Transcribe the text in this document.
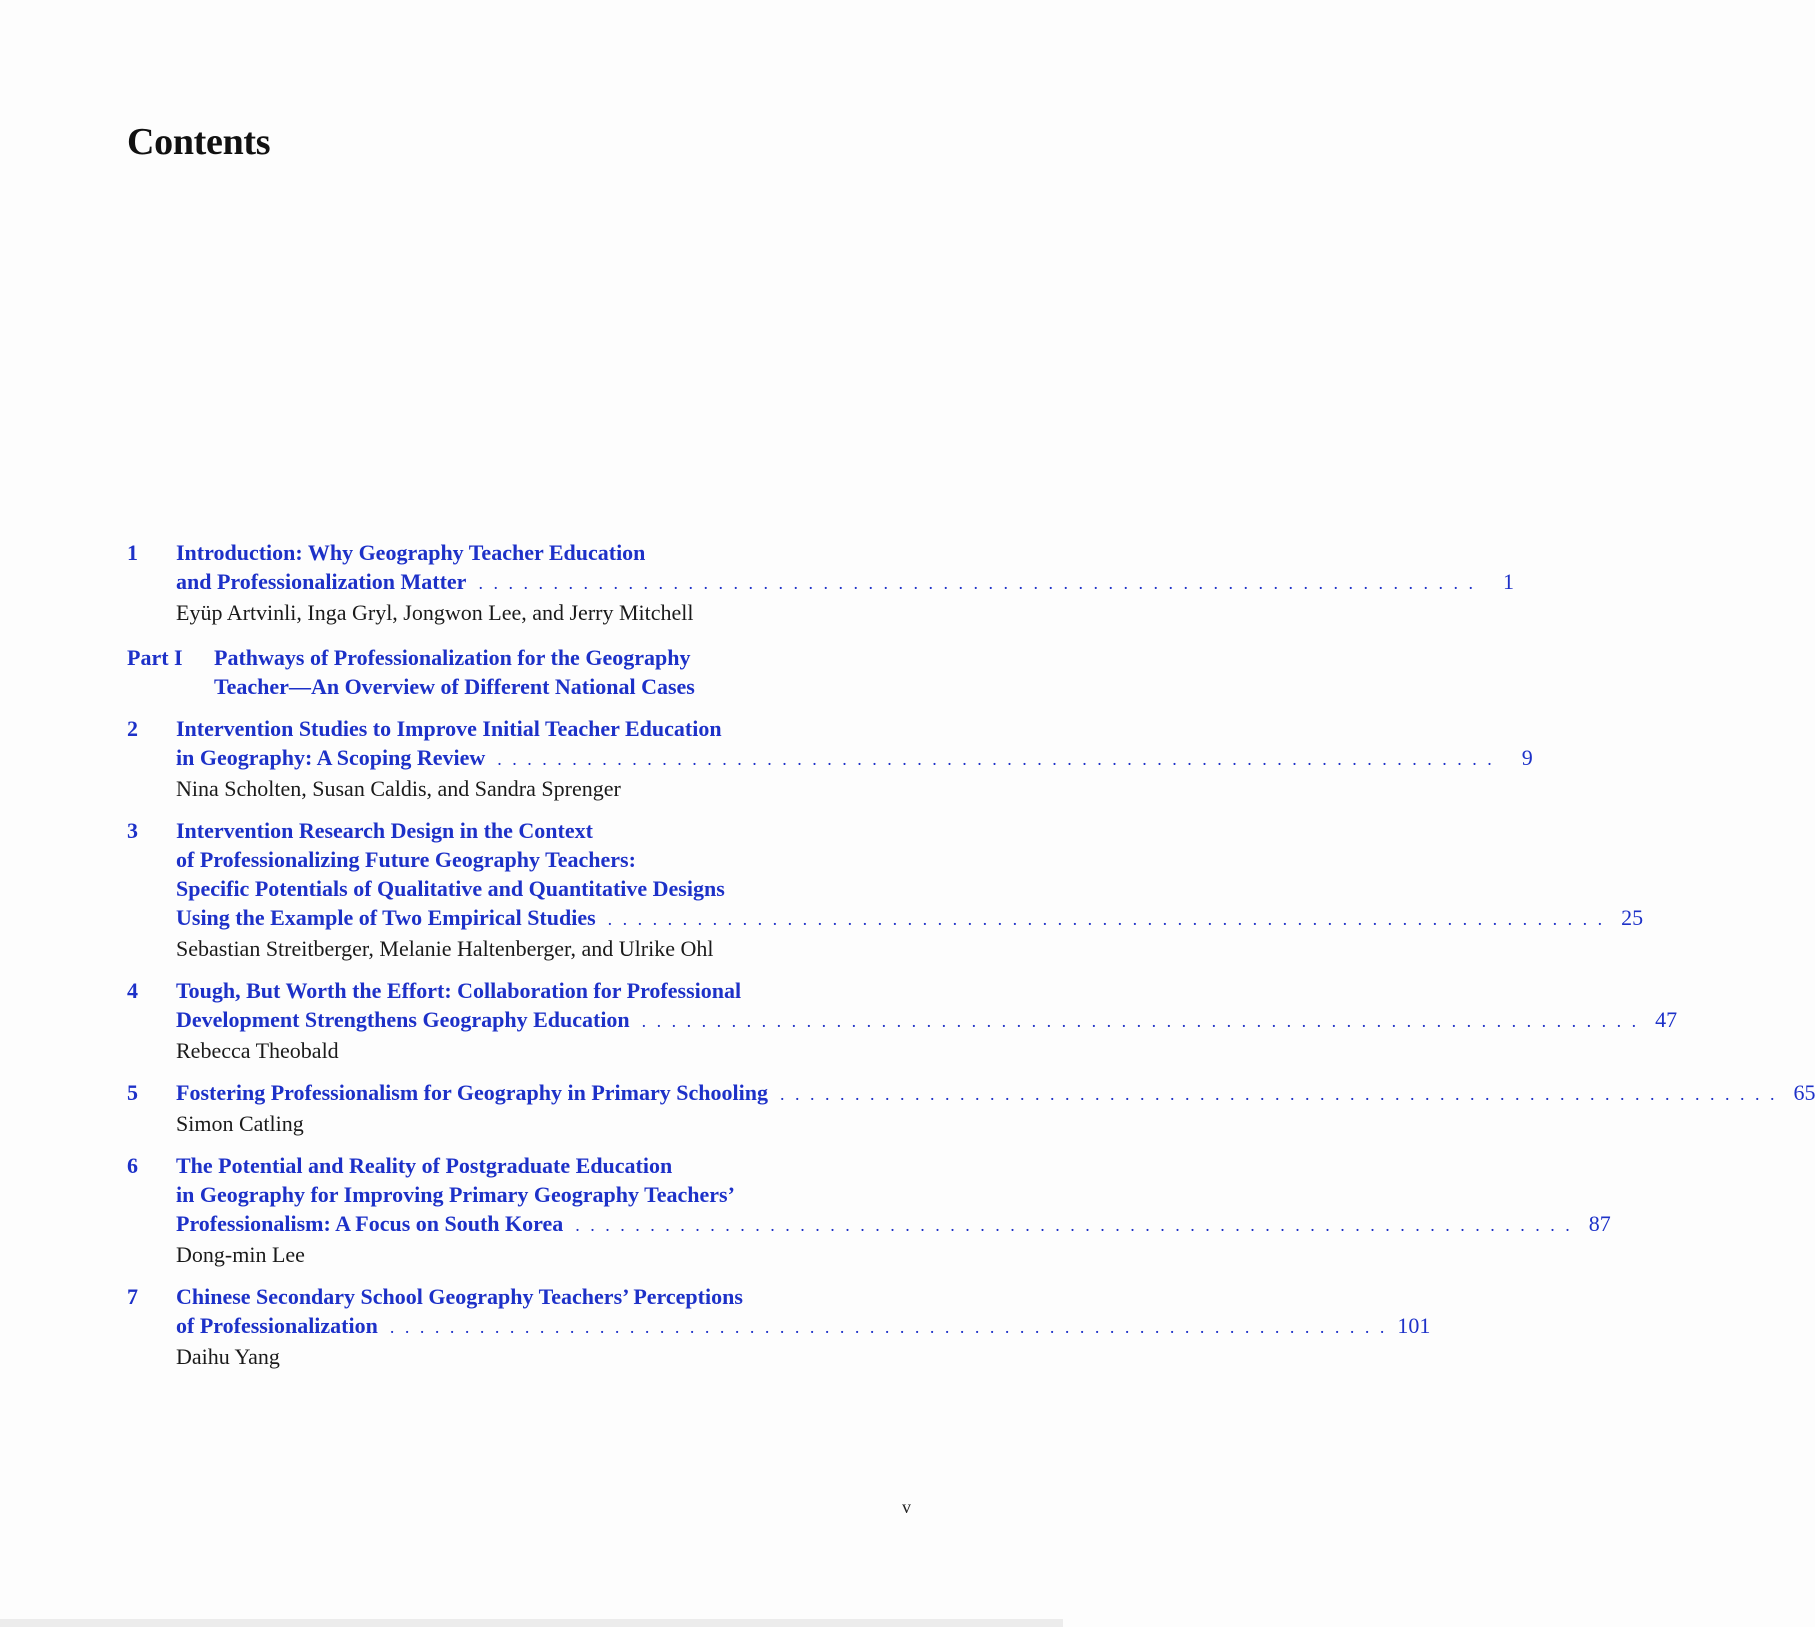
Contents
1 Introduction: Why Geography Teacher Education
and Professionalization Matter . . . . . . . . . . . . . . . . . . . . . . . . . . . . . . . . . . . . . . . . . . . . . . . . . . . . . . . . . . . . . . . . . . .	1
Eyüp Artvinli, Inga Gryl, Jongwon Lee, and Jerry Mitchell
Part I Pathways of Professionalization for the Geography
Teacher—An Overview of Different National Cases
2 Intervention Studies to Improve Initial Teacher Education
in Geography: A Scoping Review . . . . . . . . . . . . . . . . . . . . . . . . . . . . . . . . . . . . . . . . . . . . . . . . . . . . . . . . . . . . . . . . . . .	9
Nina Scholten, Susan Caldis, and Sandra Sprenger
3 Intervention Research Design in the Context
of Professionalizing Future Geography Teachers:
Specific Potentials of Qualitative and Quantitative Designs
Using the Example of Two Empirical Studies . . . . . . . . . . . . . . . . . . . . . . . . . . . . . . . . . . . . . . . . . . . . . . . . . . . . . . . . . . . . . . . . . . . 25
Sebastian Streitberger, Melanie Haltenberger, and Ulrike Ohl
4 Tough, But Worth the Effort: Collaboration for Professional
Development Strengthens Geography Education . . . . . . . . . . . . . . . . . . . . . . . . . . . . . . . . . . . . . . . . . . . . . . . . . . . . . . . . . . . . . . . . . . . 47
Rebecca Theobald
5 Fostering Professionalism for Geography in Primary Schooling . . . . . . . . . . . . . . . . . . . . . . . . . . . . . . . . . . . . . . . . . . . . . . . . . . . . . . . . . . . . . . . . . . . 65
Simon Catling
6 The Potential and Reality of Postgraduate Education
in Geography for Improving Primary Geography Teachers’
Professionalism: A Focus on South Korea . . . . . . . . . . . . . . . . . . . . . . . . . . . . . . . . . . . . . . . . . . . . . . . . . . . . . . . . . . . . . . . . . . . 87
Dong-min Lee
7 Chinese Secondary School Geography Teachers’ Perceptions
of Professionalization . . . . . . . . . . . . . . . . . . . . . . . . . . . . . . . . . . . . . . . . . . . . . . . . . . . . . . . . . . . . . . . . . . . 101
Daihu Yang
v
